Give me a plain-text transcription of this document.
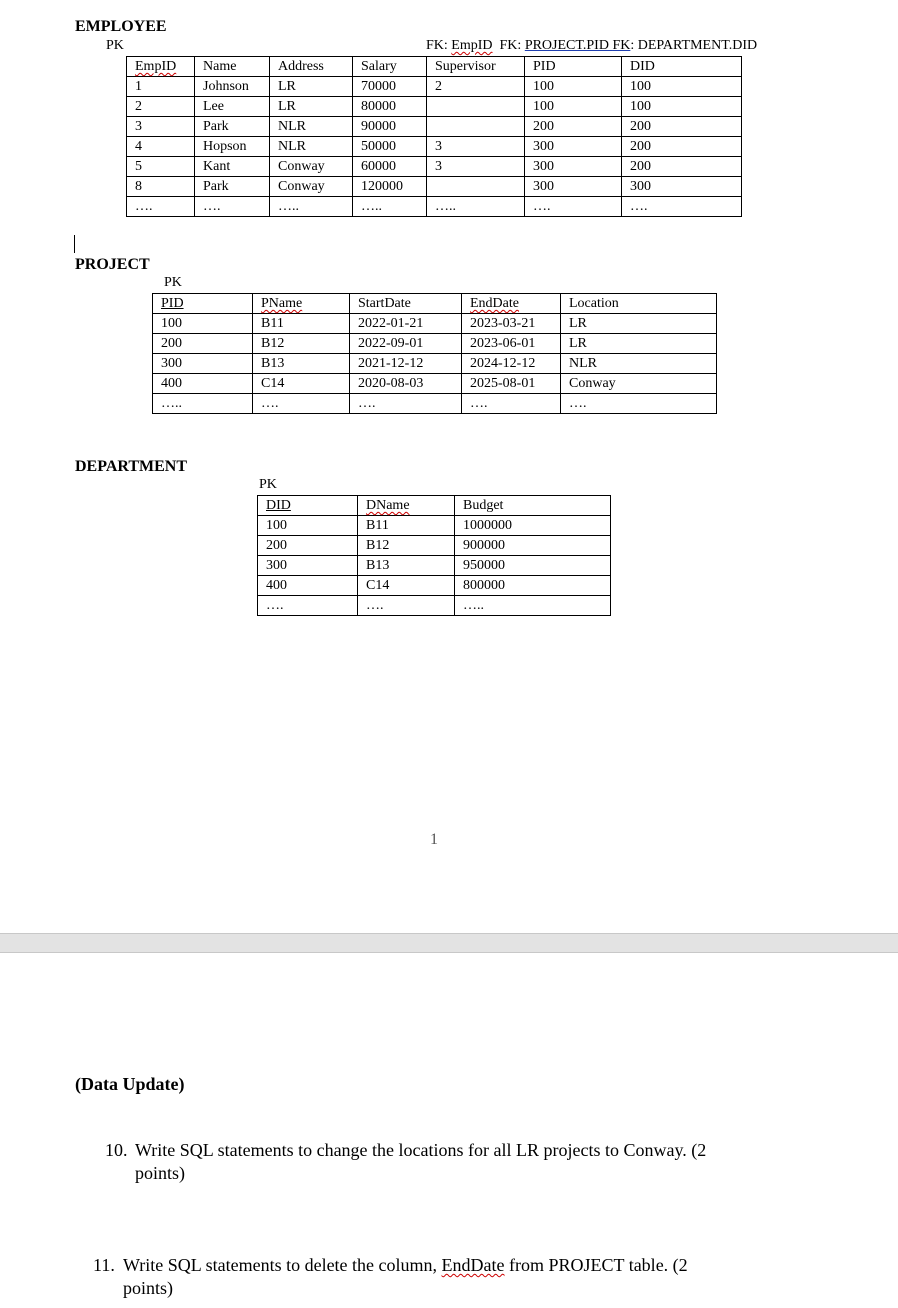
EMPLOYEE
PK	FK: EmpID FK: PROJECT.PID FK: DEPARTMENT.DID
EmpID	Name	Address	Salary	Supervisor	PID	DID
1	Johnson	LR	70000	2	100	100
2	Lee	LR	80000		100	100
3	Park	NLR	90000		200	200
4	Hopson	NLR	50000	3	300	200
5	Kant	Conway	60000	3	300	200
8	Park	Conway	120000		300	300
….	….	…..	…..	…..	….	….
PROJECT
PK
PID	PName	StartDate	EndDate	Location
100	B11	2022-01-21	2023-03-21	LR
200	B12	2022-09-01	2023-06-01	LR
300	B13	2021-12-12	2024-12-12	NLR
400	C14	2020-08-03	2025-08-01	Conway
…..	….	….	….	….
DEPARTMENT
PK
DID	DName	Budget
100	B11	1000000
200	B12	900000
300	B13	950000
400	C14	800000
….	….	…..
1
(Data Update)
10. Write SQL statements to change the locations for all LR projects to Conway. (2
points)
11. Write SQL statements to delete the column, EndDate from PROJECT table. (2
points)
